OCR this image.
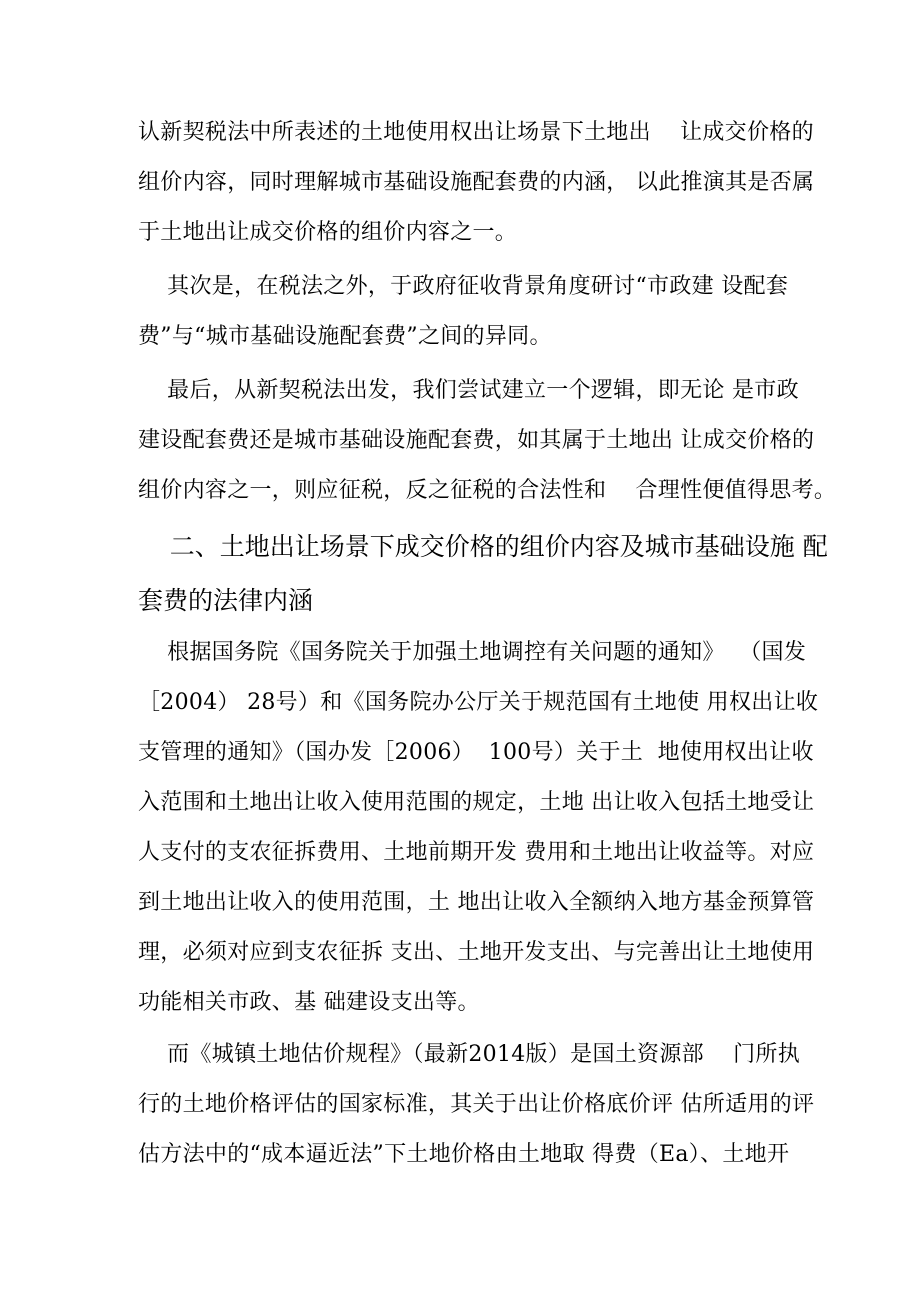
认新契税法中所表述的土地使用权出让场景下土地出    让成交价格的
组价内容，同时理解城市基础设施配套费的内涵， 以此推演其是否属
于土地出让成交价格的组价内容之一。
其次是，在税法之外，于政府征收背景角度研讨“市政建 设配套
费”与“城市基础设施配套费”之间的异同。
最后，从新契税法出发，我们尝试建立一个逻辑，即无论 是市政
建设配套费还是城市基础设施配套费，如其属于土地出 让成交价格的
组价内容之一，则应征税，反之征税的合法性和    合理性便值得思考。
二、土地出让场景下成交价格的组价内容及城市基础设施 配
套费的法律内涵
根据国务院《国务院关于加强土地调控有关问题的通知》  （国发
［2004） 28号）和《国务院办公厅关于规范国有土地使 用权出让收
支管理的通知》（国办发［2006）  100号）关于土  地使用权出让收
入范围和土地出让收入使用范围的规定，土地 出让收入包括土地受让
人支付的支农征拆费用、土地前期开发 费用和土地出让收益等。对应
到土地出让收入的使用范围，土 地出让收入全额纳入地方基金预算管
理，必须对应到支农征拆 支出、土地开发支出、与完善出让土地使用
功能相关市政、基 础建设支出等。
而《城镇土地估价规程》（最新2014版）是国土资源部    门所执
行的土地价格评估的国家标准，其关于出让价格底价评 估所适用的评
估方法中的“成本逼近法”下土地价格由土地取 得费（Ea）、土地开
